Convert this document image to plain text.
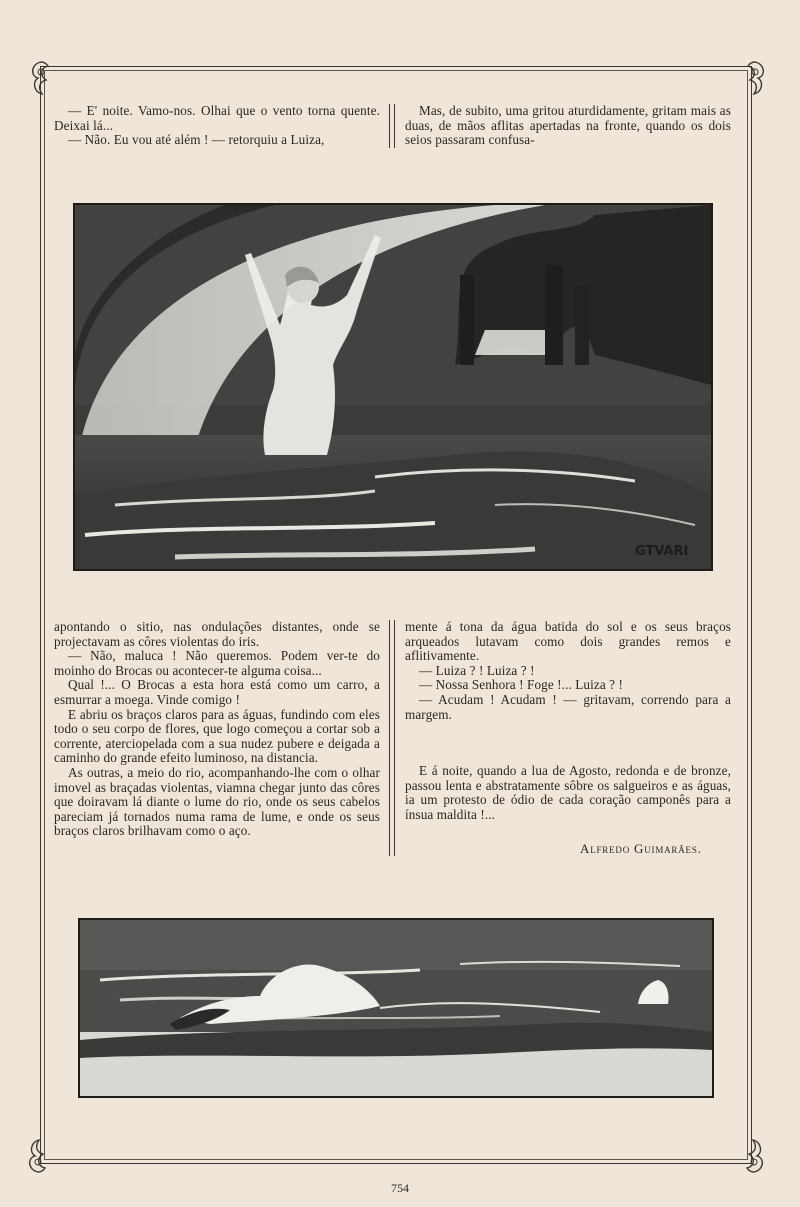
— E' noite. Vamo-nos. Olhai que o vento torna quente. Deixai lá...

— Não. Eu vou até além ! — retorquiu a Luiza,

Mas, de subito, uma gritou aturdidamente, gritam mais as duas, de mãos aflitas apertadas na fronte, quando os dois seios passaram confusa-

GTVARI

apontando o sitio, nas ondulações distantes, onde se projectavam as côres violentas do iris.

— Não, maluca ! Não queremos. Podem ver-te do moinho do Brocas ou acontecer-te alguma coisa...

Qual !... O Brocas a esta hora está como um carro, a esmurrar a moega. Vinde comigo !

E abriu os braços claros para as águas, fundindo com eles todo o seu corpo de flores, que logo começou a cortar sob a corrente, aterciopelada com a sua nudez pubere e deigada a caminho do grande efeito luminoso, na distancia.

As outras, a meio do rio, acompanhando-lhe com o olhar imovel as braçadas violentas, viamna chegar junto das côres que doiravam lá diante o lume do rio, onde os seus cabelos pareciam já tornados numa rama de lume, e onde os seus braços claros brilhavam como o aço.

mente á tona da água batida do sol e os seus braços arqueados lutavam como dois grandes remos e aflitivamente.

— Luiza ? ! Luiza ? !

— Nossa Senhora ! Foge !... Luiza ? !

— Acudam ! Acudam ! — gritavam, correndo para a margem.

E á noite, quando a lua de Agosto, redonda e de bronze, passou lenta e abstratamente sôbre os salgueiros e as águas, ia um protesto de ódio de cada coração camponês para a ínsua maldita !...

Alfredo Guimarães.
754
